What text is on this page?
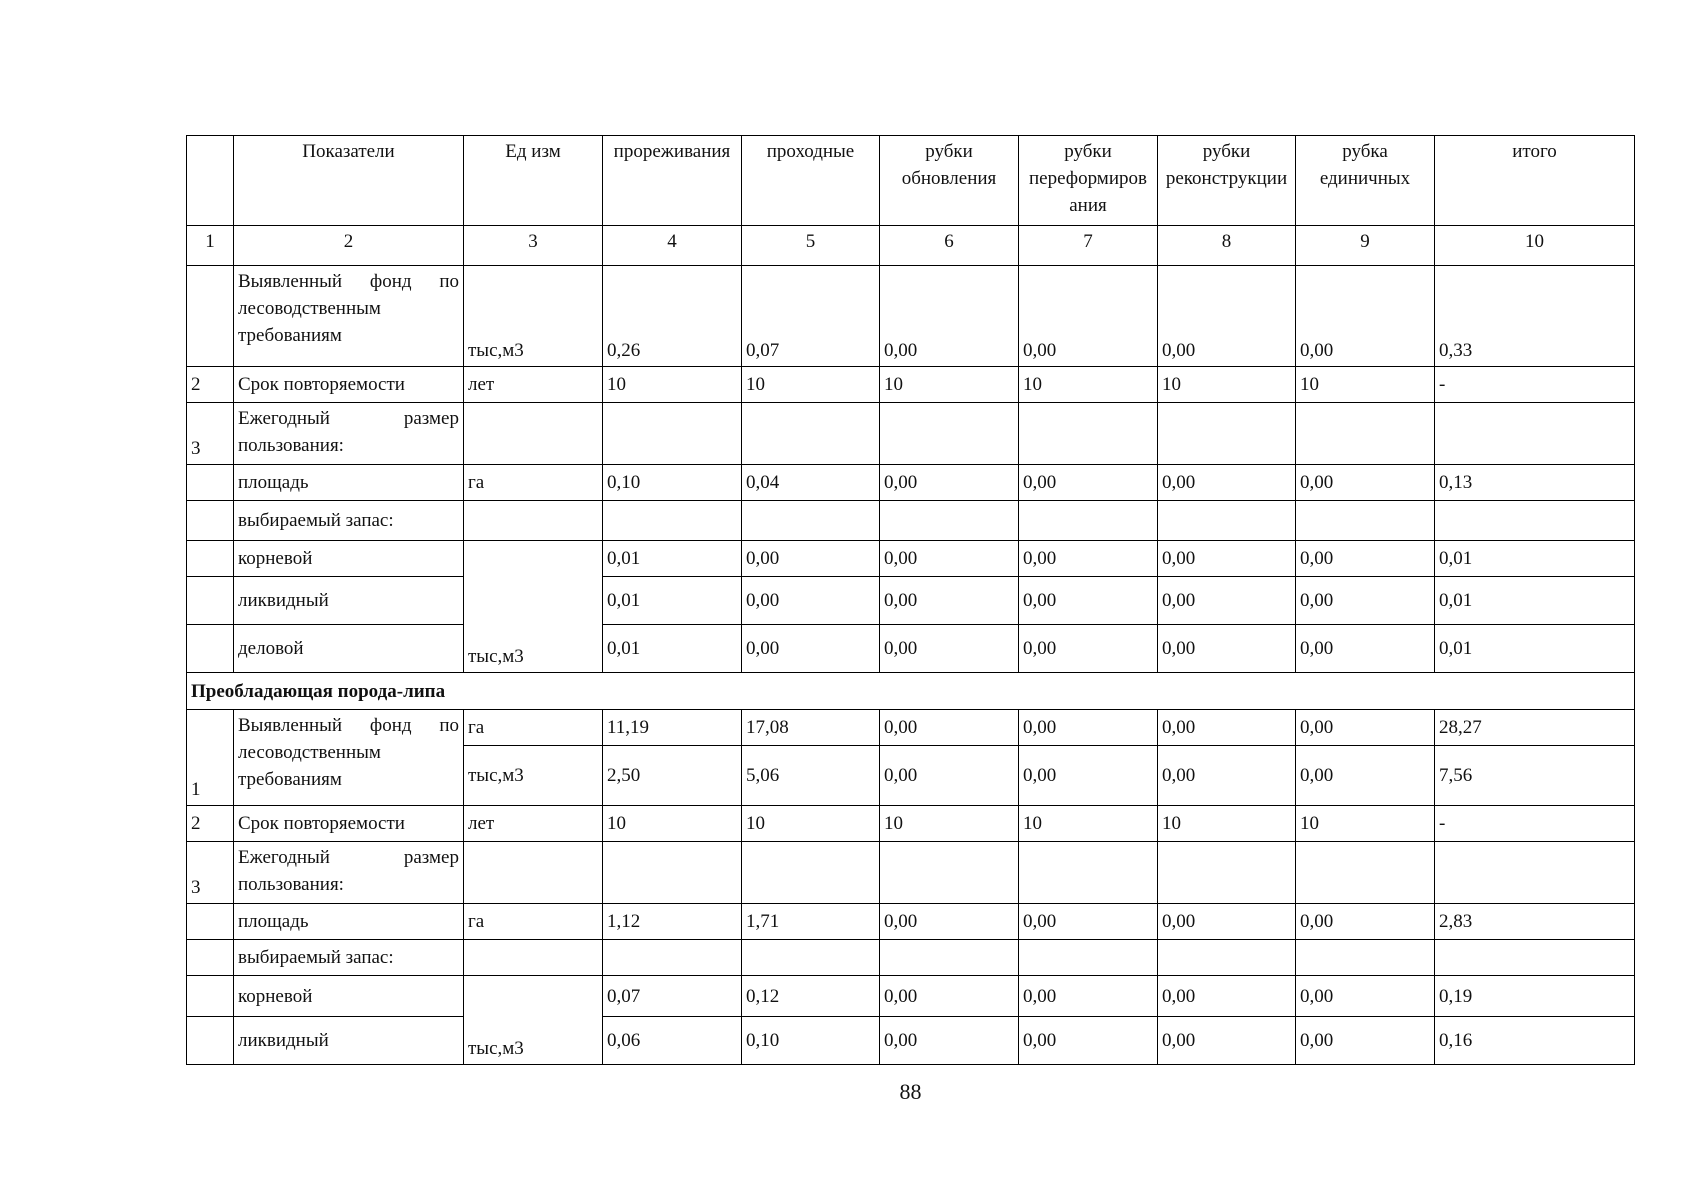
	Показатели	Ед изм	прореживания	проходные	рубки обновления	рубки переформиров ания	рубки реконструкции	рубка единичных	итого
1	2	3	4	5	6	7	8	9	10
	Выявленный фонд по лесоводственным требованиям	тыс,м3	0,26	0,07	0,00	0,00	0,00	0,00	0,33
2	Срок повторяемости	лет	10	10	10	10	10	10	-
3	Ежегодный размер пользования:								
	площадь	га	0,10	0,04	0,00	0,00	0,00	0,00	0,13
	выбираемый запас:								
	корневой	тыс,м3	0,01	0,00	0,00	0,00	0,00	0,00	0,01
	ликвидный		0,01	0,00	0,00	0,00	0,00	0,00	0,01
	деловой		0,01	0,00	0,00	0,00	0,00	0,00	0,01
Преобладающая порода-липа									
1	Выявленный фонд по лесоводственным требованиям	га	11,19	17,08	0,00	0,00	0,00	0,00	28,27
		тыс,м3	2,50	5,06	0,00	0,00	0,00	0,00	7,56
2	Срок повторяемости	лет	10	10	10	10	10	10	-
3	Ежегодный размер пользования:								
	площадь	га	1,12	1,71	0,00	0,00	0,00	0,00	2,83
	выбираемый запас:								
	корневой	тыс,м3	0,07	0,12	0,00	0,00	0,00	0,00	0,19
	ликвидный		0,06	0,10	0,00	0,00	0,00	0,00	0,16
88
